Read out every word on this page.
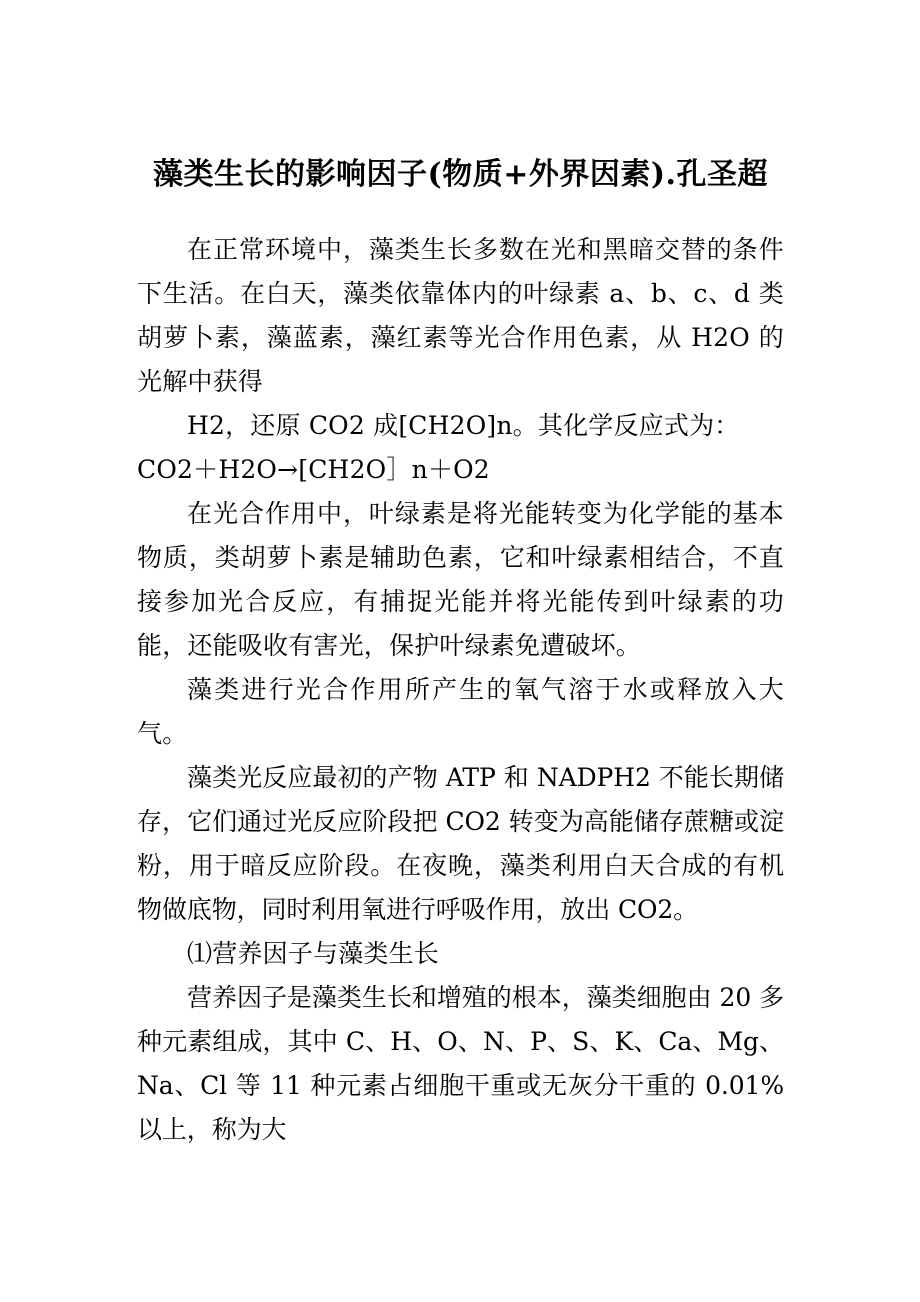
藻类生长的影响因子(物质+外界因素).孔圣超

在正常环境中，藻类生长多数在光和黑暗交替的条件下生活。在白天，藻类依靠体内的叶绿素 a、b、c、d 类胡萝卜素，藻蓝素，藻红素等光合作用色素，从 H2O 的光解中获得

H2，还原 CO2 成[CH2O]n。其化学反应式为：

CO2＋H2O→[CH2O］n＋O2

在光合作用中，叶绿素是将光能转变为化学能的基本物质，类胡萝卜素是辅助色素，它和叶绿素相结合，不直接参加光合反应，有捕捉光能并将光能传到叶绿素的功能，还能吸收有害光，保护叶绿素免遭破坏。

藻类进行光合作用所产生的氧气溶于水或释放入大气。

藻类光反应最初的产物 ATP 和 NADPH2 不能长期储存，它们通过光反应阶段把 CO2 转变为高能储存蔗糖或淀粉，用于暗反应阶段。在夜晚，藻类利用白天合成的有机物做底物，同时利用氧进行呼吸作用，放出 CO2。

⑴营养因子与藻类生长

营养因子是藻类生长和增殖的根本，藻类细胞由 20 多种元素组成，其中 C、H、O、N、P、S、K、Ca、Mg、Na、Cl 等 11 种元素占细胞干重或无灰分干重的 0.01%以上，称为大
